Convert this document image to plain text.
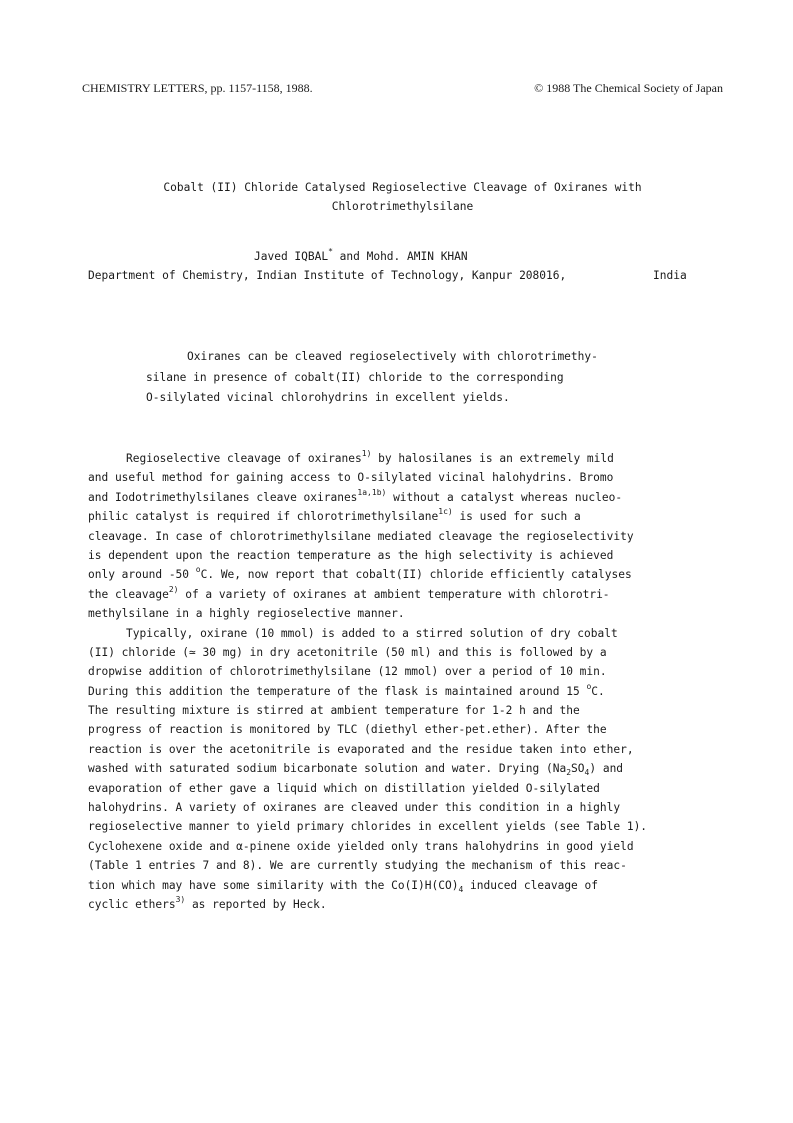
CHEMISTRY LETTERS, pp. 1157-1158, 1988.	© 1988 The Chemical Society of Japan
Cobalt (II) Chloride Catalysed Regioselective Cleavage of Oxiranes with
Chlorotrimethylsilane
Javed IQBAL* and Mohd. AMIN KHAN
Department of Chemistry, Indian Institute of Technology, Kanpur 208016,	India
Oxiranes can be cleaved regioselectively with chlorotrimethy-
silane in presence of cobalt(II) chloride to the corresponding
O-silylated vicinal chlorohydrins in excellent yields.
Regioselective cleavage of oxiranes$^{1)}$ by halosilanes is an extremely mild
and useful method for gaining access to O-silylated vicinal halohydrins. Bromo
and Iodotrimethylsilanes cleave oxiranes$^{1a,1b)}$ without a catalyst whereas nucleo-
philic catalyst is required if chlorotrimethylsilane$^{1c)}$ is used for such a
cleavage. In case of chlorotrimethylsilane mediated cleavage the regioselectivity
is dependent upon the reaction temperature as the high selectivity is achieved
only around -50 $^o$C. We, now report that cobalt(II) chloride efficiently catalyses
the cleavage$^{2)}$ of a variety of oxiranes at ambient temperature with chlorotri-
methylsilane in a highly regioselective manner.
Typically, oxirane (10 mmol) is added to a stirred solution of dry cobalt
(II) chloride (≃ 30 mg) in dry acetonitrile (50 ml) and this is followed by a
dropwise addition of chlorotrimethylsilane (12 mmol) over a period of 10 min.
During this addition the temperature of the flask is maintained around 15 $^o$C.
The resulting mixture is stirred at ambient temperature for 1-2 h and the
progress of reaction is monitored by TLC (diethyl ether-pet.ether). After the
reaction is over the acetonitrile is evaporated and the residue taken into ether,
washed with saturated sodium bicarbonate solution and water. Drying $(Na_2SO_4)$ and
evaporation of ether gave a liquid which on distillation yielded O-silylated
halohydrins. A variety of oxiranes are cleaved under this condition in a highly
regioselective manner to yield primary chlorides in excellent yields (see Table 1).
Cyclohexene oxide and α-pinene oxide yielded only trans halohydrins in good yield
(Table 1 entries 7 and 8). We are currently studying the mechanism of this reac-
tion which may have some similarity with the $Co(I)H(CO)_4$ induced cleavage of
cyclic ethers$^{3)}$ as reported by Heck.
